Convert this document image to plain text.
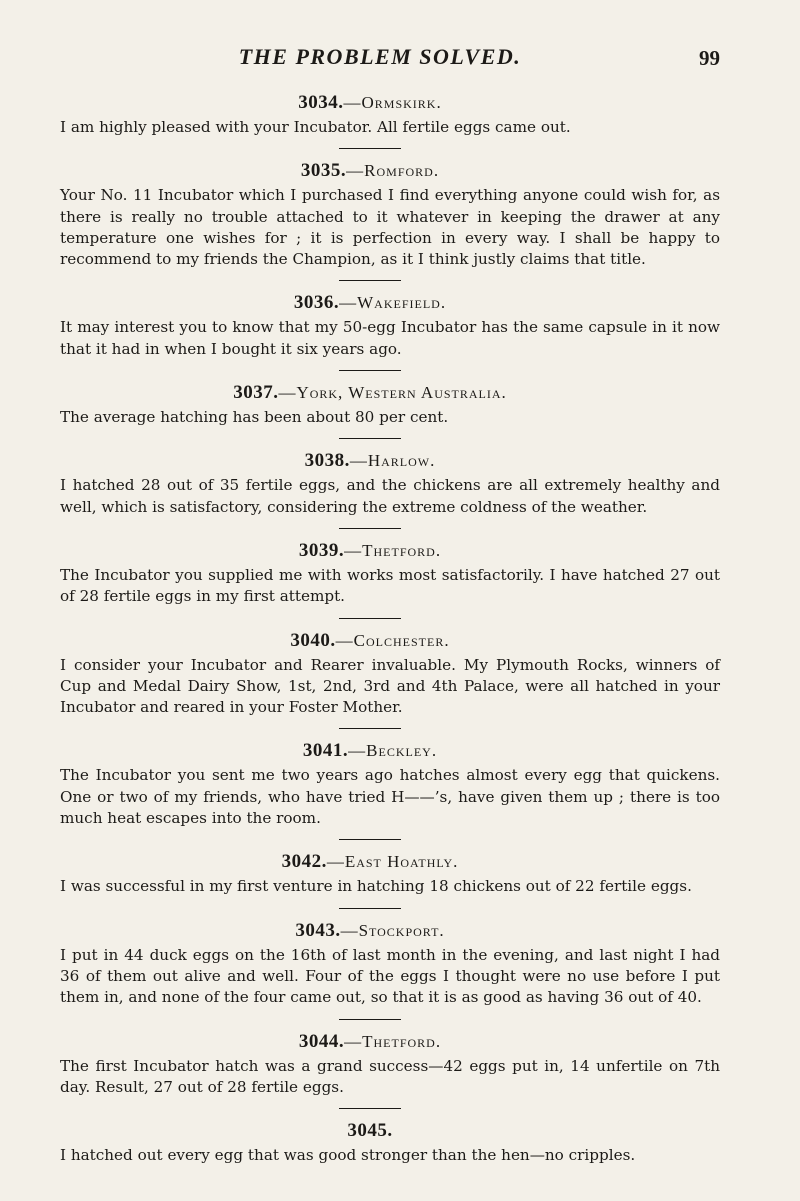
THE PROBLEM SOLVED.	99

3034.—Ormskirk.

I am highly pleased with your Incubator. All fertile eggs came out.

3035.—Romford.

Your No. 11 Incubator which I purchased I find everything anyone could wish for, as there is really no trouble attached to it whatever in keeping the drawer at any temperature one wishes for ; it is perfection in every way. I shall be happy to recommend to my friends the Champion, as it I think justly claims that title.

3036.—Wakefield.

It may interest you to know that my 50-egg Incubator has the same capsule in it now that it had in when I bought it six years ago.

3037.—York, Western Australia.

The average hatching has been about 80 per cent.

3038.—Harlow.

I hatched 28 out of 35 fertile eggs, and the chickens are all extremely healthy and well, which is satisfactory, considering the extreme coldness of the weather.

3039.—Thetford.

The Incubator you supplied me with works most satisfactorily. I have hatched 27 out of 28 fertile eggs in my first attempt.

3040.—Colchester.

I consider your Incubator and Rearer invaluable. My Plymouth Rocks, winners of Cup and Medal Dairy Show, 1st, 2nd, 3rd and 4th Palace, were all hatched in your Incubator and reared in your Foster Mother.

3041.—Beckley.

The Incubator you sent me two years ago hatches almost every egg that quickens. One or two of my friends, who have tried H——’s, have given them up ; there is too much heat escapes into the room.

3042.—East Hoathly.

I was successful in my first venture in hatching 18 chickens out of 22 fertile eggs.

3043.—Stockport.

I put in 44 duck eggs on the 16th of last month in the evening, and last night I had 36 of them out alive and well. Four of the eggs I thought were no use before I put them in, and none of the four came out, so that it is as good as having 36 out of 40.

3044.—Thetford.

The first Incubator hatch was a grand success—42 eggs put in, 14 unfertile on 7th day. Result, 27 out of 28 fertile eggs.

3045.

I hatched out every egg that was good stronger than the hen—no cripples.
